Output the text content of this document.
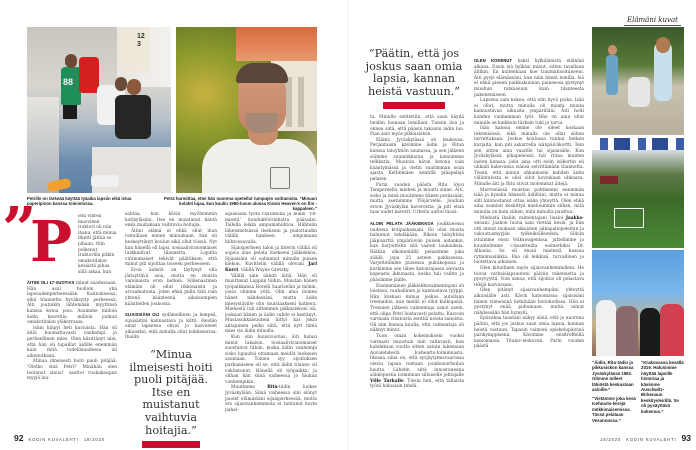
123
88
Petrille on tärkeää käyttää tyäaika lapsiin eikä istua paperipinon kanssa toimistossa.
Peträ harmittaa, ettei hän nuorena opetellut rumpujen soittamista. “Minuun kolahti lujaa, kun kuulin 1980-luvun alussa Kissin Heaven’s on fire -kappaleen.”
”
P ieni vihreä muovinen traktori oli niin ihana, että minua itketti jättää se pihaan. Olin polkenut traktorilla pitkin omakotitalon kesäistä pihaa sillä aikaa, kun

ÄITINI OLI 17-VUOTIAS minut saadessaan. Hän asui tuolloin yhä lapsuudenperheessään Kannuksessa, eikä tilannetta hyväksytty perheessä. Äiti joutuikin lähtemään myyttinsä kanssa kotoa pois. Asuimme milloin äidin kaverilla, milloin jonkun omakotitalon yläkerrassa.

Isäni häipyi heti kuvioista. Hän oli äitiä huomattavasti vanhempi ja perheellinen mies. Olen käsittänyt niin, että hän oli lupaillut äidille enemmän kuin mitä todellisuudessa oli aikonutkaan.

Minua ilmeisesti hoiti puoli pitäjää. ’Oletko sinä Petri? Minähän olen hoitanut sinua!’ saattoi ruokakaupan myyjä lau-

sahtaa, kun kävin myöhemmin kotikyläsäni. Itse en muistanut häntä enkä muitakaan vaihtuvia hoitajia.

Äitini elämä ei ehkä ollut ihan raiteillaan ennen minuakaan, hän oli keskeyttänyt koulun eikä ollut töissä. Nyt kun hänellä oli lapsi, sosiaaliviranomaiset tarkkailivat tilannetta. Lopulta viranomaiset tekivät päätöksen, että minut piti sijoittaa toiseen perheeseen.

Eron äidistä on täytynyt olla järisyttävä asia, mutta en muista varsinaista eron hetkeä. Siihenastinen elämäni oli ollut rikkonaista ja arvaamatonta, joten ehkä pidin tätä vain yhtenä käänteenä aikaisempien käänteiden joukossa.

SIJAISISÄNI OLI sydämellinen ja lempeä, sijaisäitini kannustava ja kiltti. Heidän omat lapsensa olivat jo kasvaneet aikuisiksi, eikä minulla ollut leikkiseuraa. Ihailin

“Minua ilmeisesti hoiti puoli pitäjää. Itse en muistanut vaihtuvia hoitajia.”

sijaisisäni työtä rautateillä ja leikin ’VR-miestä’ konduktöörinhattu päässäni. Tallella leikin ampumahiihtoa. Hiihtelin läheismetsässä itsekseni ja pudottaudin välillä hankeen ampumaan hiihtosauvalla.

Sijaisperheen talon ja liiterin välillä oli sopiva alue pelata itsekseni jääkiekkoa. Sijaisisäni oli sahannut minulle puisen kiekon. Kuvittelin välillä olevani Jari Kurri, välillä Wayne Gretzky.

Välillä sain nähdä äitiä. Hän oli muuttanut Lappiin töihin. Muistan hänen työpaikkansa Hotelli Saariselän ja mökin, jossa olimme yötä. Olin aina iloinen hänet nähdessäni, mutta äidin miesystäville olin muistaakseni katkera. Miehestä tuli sittemmin pikkusiskoni isä, joskaan hänen ja äidin suhde ei kestänyt. Mustasukkaisuuteni liittyi kai jokin alitajuinen pelko siitä, että nytt tämä mies vie äidin minulta.

Kun olin kuusivuotias, äiti halusi minut takaisin. Sosiaaliviranomaiset suostuivat tähän, koska äidin vanhempi sisko lupautui ottamaan meidät luokseen asumaan. Toinen syy sijoituksen purkamiseen oli se, että äidin tilanne oli vakiintunut. Hänellä oli työpaikka, ja olihan hän siinä vaiheessa jo hiukan vanhempikin.

Muutimme Ritu-tädin luokse Jyväskylään. Siinä vaiheessa olin elänyt puolet elämästäni sijaisperheessä, mutta ero sijaisvanhemmista ei tuntunut kovin pahal-

92 KODIN KUVALEHTI 18/2020
“Päätin, että jos joskus saan omia lapsia, kannan heistä vastuun.”

ta. Minulle selitettiin, että saan käydä heidän luonaan lomillani. Tunsin iloa ja onnea siitä, että pääsin takaisin äidin luo. Pian sain myös pikkusiskon.

Elämä Jyväskylässä oli mukavaa. Perjantaisin kävimme äidin ja Ritun kanssa taloyhtiön saunassa, ja sen jälkeen söimme suunnikkaraa ja katsoimme telkkaria. Muutoin kävin kotona vain kääntymässä ja vietin suurimman osan ajasta Keltinmäen kentillä pihapelejä pelaten.

Parin vuoden päästä Ritu löysi Tampereelta miehen ja muutti sinne. Äiti, sisko ja minä muutimme hänen perässään, mutta asetuimme Ylöjärvelle. Jouduin eroon Jyväskylän kavereista, ja piti etsiä taas uudet kaverit. Urheilu auttoi tässä.

ALOIN PELATA JÄÄKIEKKOA joukkueessa uudessa kotipaikassani. En olisi muuta halunnut tehdäkään. Rikoin taloyhtiön jääpisarttä ympäröivän puisen aidankin, kun harjoittelin sitä vasten laukauksia. Räikän ulkokentällä pelasimme joka säällä, jopa 25 asteen pakkasessa. Varjottelimme puisessa pukukopissa ja kurkimme sen lähes katonrajassa olevasta kapeasta ikkunasta, koska tuli vaihto ja pääsimme jäälle.

Ensimmäinen jääkiekkovalmentajani oli loistava, rauhallinen ja kannustava tyyppi. Hän kuskasi minua joskus autollaan treeneihin, kun meillä ei ollut kulkupeliä. Treenien jälkeen valmentaja sanoi usein, että olipa Petri loistavasti pelattu. Kasvoin varmaan viisitoista senttiä noista sanoista. Oli niin hienoa kuulla, että valmentaja oli nähnyt minut.

Tuon oman kokemukseni vuoksi varmasti innostuin niin valtavasti, kun kahdeksan vuotta sitten satuin lukemaan Auvalehdestä Icehearts-toiminnasta. Ideana siinä on, että syrjäytymisvaarassa olevia lapsia tuetaan joukkueurheilun kautta. Lähetin siitä innostuneena sähköpostia toiminnan silloiselle johtajalle Ville Turkalle. Tiesin heti, että tällaista työtä haluaisin tehdä.

OLEN KOKENUT kaksi hylkäämistä elämäni alkana. Ensin isä hylkäsi minut, sitten tavallaan äitikin. En kuitenkaan koe traumatisoituneeni. Äiti pysyi elämässäni, kun näin häntä lomilla. Isä ei ehkä pienen paikkakunnan paineessa pystynyt muuhun ratkaisuun kuin tilanteesta pakenemiseen.

Lapsena sain kokea, että olin hyvä poika. Isää ei ollut, mutta minulla oli monta muuta kannustavaa aikuista ympärilläni. Äiti hoiti kahden vanhemman työt. Hän on aina ollut minulle se kaikkein tärkein tuki ja turva.

Isän kanssa emme ole olleet koskaan tekemisissä, eikä minulla ole ollut siihen tarvettakaan. Joskus koulussa tunnui hetken kurjalta, kun piti askarrella isänpäiväkortti. Tein sen sitten aina vaarille tai sijaisisälle. Kun Jyväskylässä pihapeleissä tuli riitaa muiden lasten kanssa, joku aina otti esiin isäkortin eli uhkaili hakevansa isänsä selvittämään tilannetta. Tiesin, että minun uhkaukseni kahden äidin väliintulosta ei olisi ollut kovinkaan uhkaava. Minulle äiti ja Ritu olivat molemmat äitejä.

Murrosiässä muistan pohtineeni enemmän isää ja kyselin hänestä äidiltäni, mutta ei minua silti kiinnostanut ottaa isään yhteyttä. Olen ehkä aina osannut keskittyä mieluummin siihen, mitä minulla on kuin siihen, mitä minulta puuttuu.

Miehistä ihailin valmentajani Iisaloi Jaakko-enoani. Jaakon luona sain viettää kesiä, ja hän otti minut mukaan aikuisten jalkapallopeleihin ja vakuutusmyyjän työkeikoilleenkin. Silloin istuimme enon Volkswagenissa, juttelimme ja kuuntelimme c-kasetteilta esimerkiksi Dr. Albania. Se oli enoni mielestä hassua rytmimusiikkia. Eno oli leikkisä, turvallinen ja luotettava aikuinen.

Olen kiitollinen myös sijaisvanhemmilleni. He toivat varhaislapsuuteni päiviin rakennetta ja pysyvyyttä. Voin sanoa, että sijoitus oli pelastava tekijä kasvussani.

Olen pitänyt sijaisvanhempiini yhteyttä aikuisiälle asti. Kävin katsomassa sijaisisäni hänen viimeisinä hetkinään hoitokodissa. Hän ei pystynyt enää puhumaan, mutta minut nähdessään hän hymyili.

Epävakaa taustani näkyy siinä, että jo nuorena päätin, että jos joskus saan omia lapsia, kannan heistä vastuun. Tapasin vaimoni opiskelupäivinä parikymppisenä. Kävimme ensitreffeillä katsomassa Titanic-elokuvan. Parin vuoden päästä

Elämäni kuvat
“Äidin, Ritu-tädin ja pikkusiskon kanssa Jyväskylässä 1982. Olimme tulleet lähiöstä keskustaan asioille.”
“Vietämme joka kesä Icehearts-leirejä mökkimaisemissa. Tässä pelataan Vesannossa.”
“Krakovassa kesällä 2019. Halusimme näyttää lapsille historiaa ja kävimme Auschwitz-Birkenaun keskitysleirillä. Se oli pysäyttävä kokemus.”
18/2020 KODIN KUVALEHTI 93
